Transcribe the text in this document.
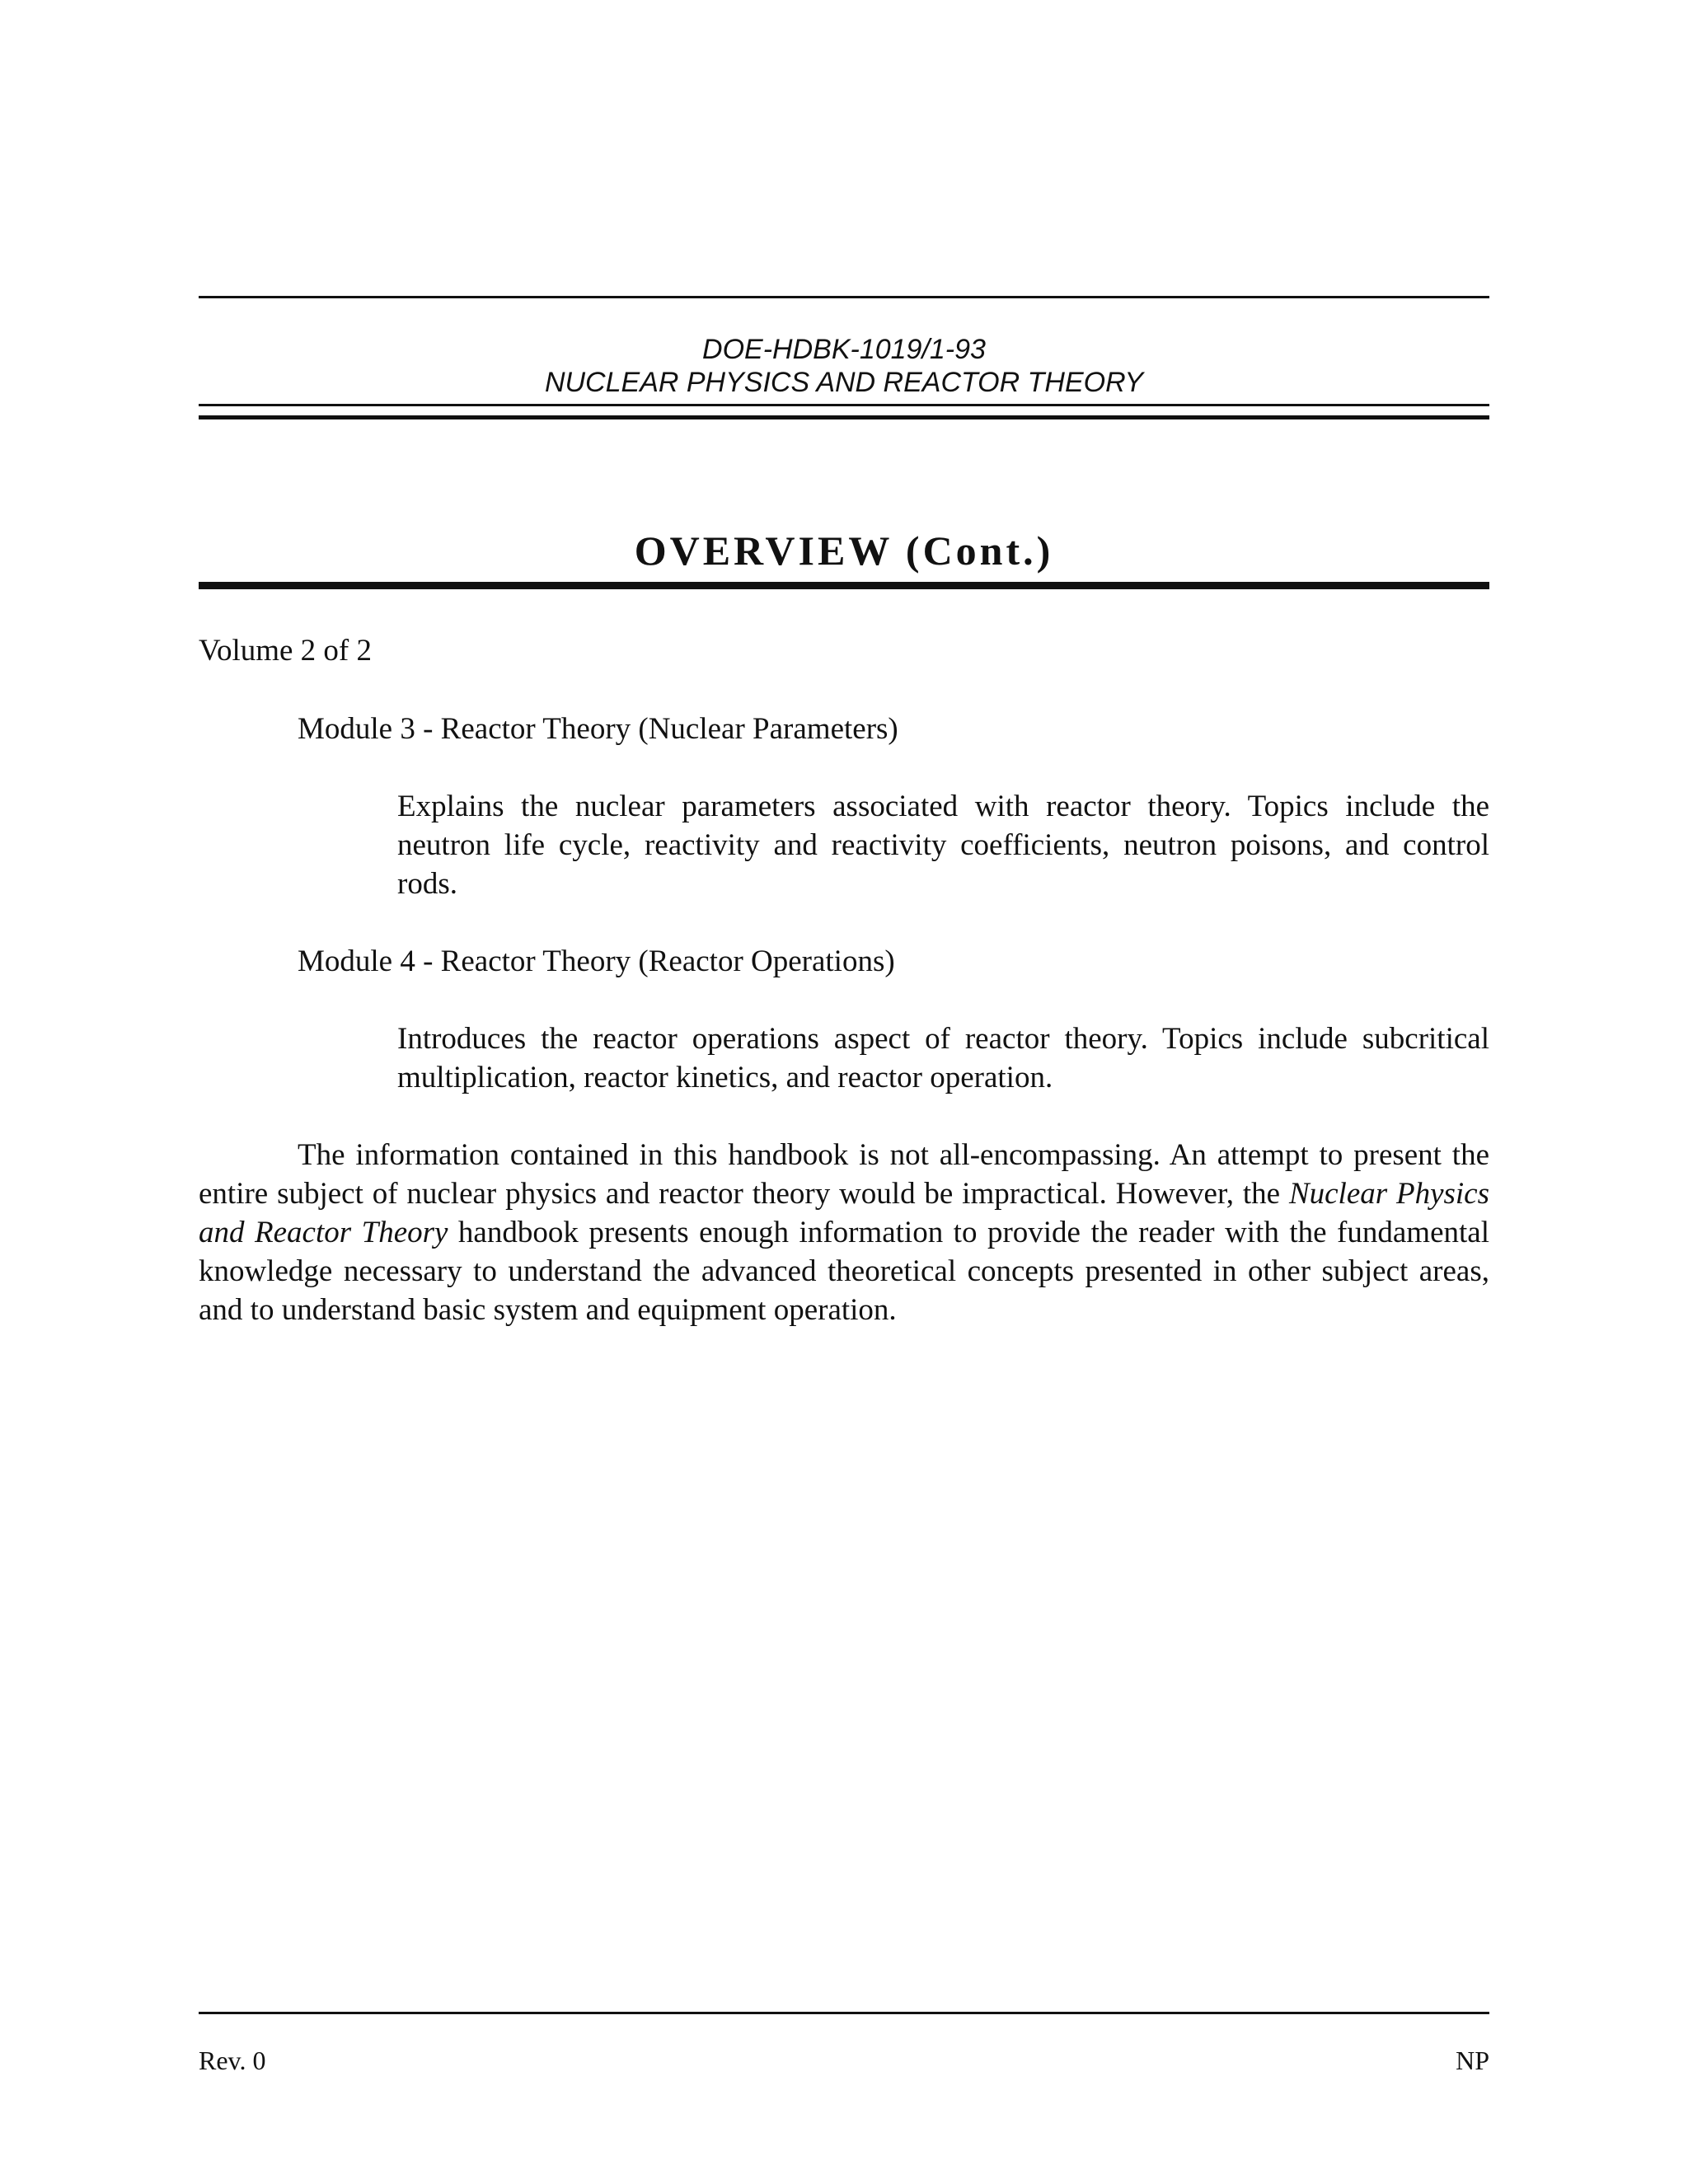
DOE-HDBK-1019/1-93
NUCLEAR PHYSICS AND REACTOR THEORY
OVERVIEW (Cont.)
Volume 2 of 2
Module 3 - Reactor Theory (Nuclear Parameters)
Explains the nuclear parameters associated with reactor theory. Topics include the neutron life cycle, reactivity and reactivity coefficients, neutron poisons, and control rods.
Module 4 - Reactor Theory (Reactor Operations)
Introduces the reactor operations aspect of reactor theory. Topics include subcritical multiplication, reactor kinetics, and reactor operation.
The information contained in this handbook is not all-encompassing. An attempt to present the entire subject of nuclear physics and reactor theory would be impractical. However, the Nuclear Physics and Reactor Theory handbook presents enough information to provide the reader with the fundamental knowledge necessary to understand the advanced theoretical concepts presented in other subject areas, and to understand basic system and equipment operation.
Rev. 0	NP
